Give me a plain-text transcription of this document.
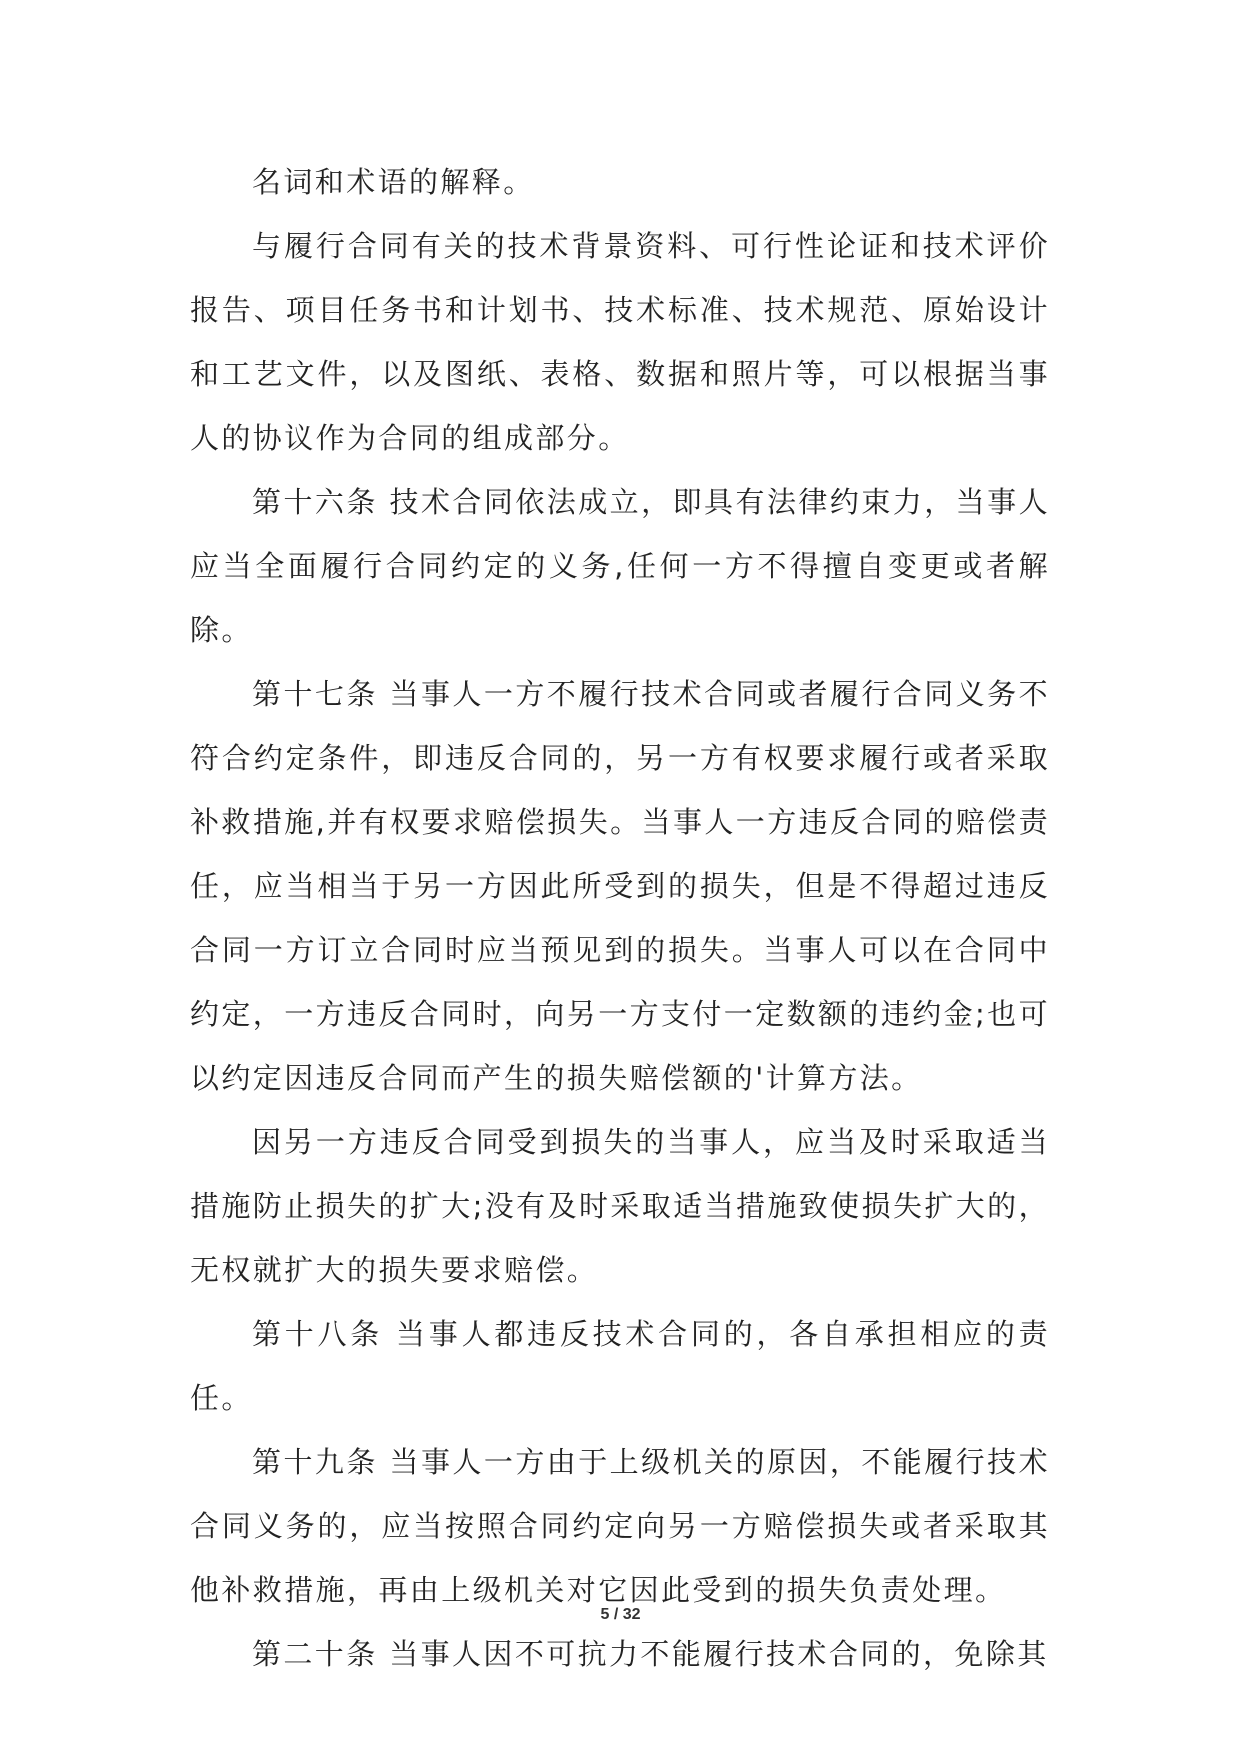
名词和术语的解释。

与履行合同有关的技术背景资料、可行性论证和技术评价报告、项目任务书和计划书、技术标准、技术规范、原始设计和工艺文件，以及图纸、表格、数据和照片等，可以根据当事人的协议作为合同的组成部分。

第十六条 技术合同依法成立，即具有法律约束力，当事人应当全面履行合同约定的义务,任何一方不得擅自变更或者解除。

第十七条 当事人一方不履行技术合同或者履行合同义务不符合约定条件，即违反合同的，另一方有权要求履行或者采取补救措施,并有权要求赔偿损失。当事人一方违反合同的赔偿责任，应当相当于另一方因此所受到的损失，但是不得超过违反合同一方订立合同时应当预见到的损失。当事人可以在合同中约定，一方违反合同时，向另一方支付一定数额的违约金;也可以约定因违反合同而产生的损失赔偿额的'计算方法。

因另一方违反合同受到损失的当事人，应当及时采取适当措施防止损失的扩大;没有及时采取适当措施致使损失扩大的，无权就扩大的损失要求赔偿。

第十八条 当事人都违反技术合同的，各自承担相应的责任。

第十九条 当事人一方由于上级机关的原因，不能履行技术合同义务的，应当按照合同约定向另一方赔偿损失或者采取其他补救措施，再由上级机关对它因此受到的损失负责处理。

第二十条 当事人因不可抗力不能履行技术合同的，免除其

5 / 32
